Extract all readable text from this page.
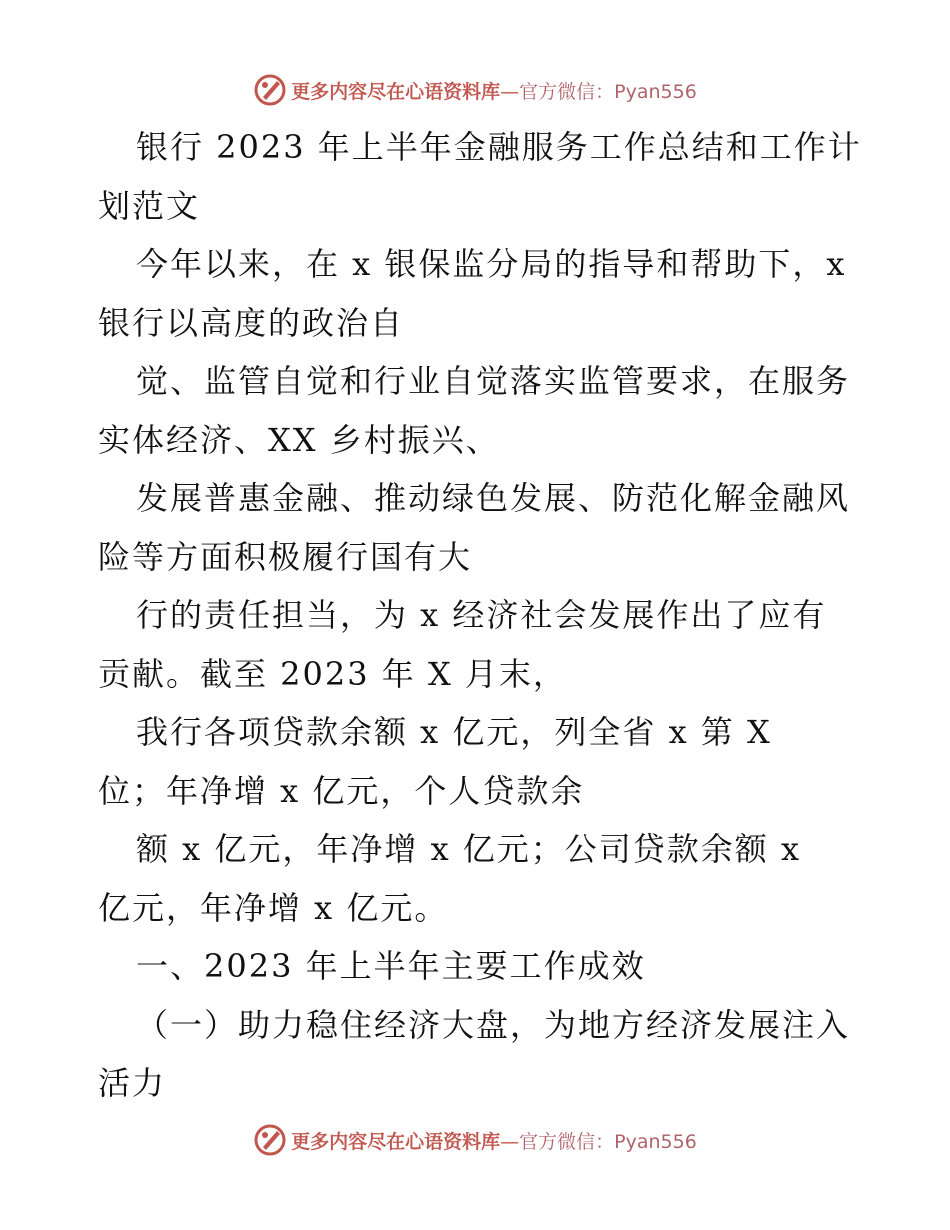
更多内容尽在心语资料库—官方微信：Pyan556

银行 2023 年上半年金融服务工作总结和工作计
划范文
今年以来，在 x 银保监分局的指导和帮助下，x
银行以高度的政治自
觉、监管自觉和行业自觉落实监管要求，在服务
实体经济、XX 乡村振兴、
发展普惠金融、推动绿色发展、防范化解金融风
险等方面积极履行国有大
行的责任担当，为 x 经济社会发展作出了应有
贡献。截至 2023 年 X 月末，
我行各项贷款余额 x 亿元，列全省 x 第 X
位；年净增 x 亿元，个人贷款余
额 x 亿元，年净增 x 亿元；公司贷款余额 x
亿元，年净增 x 亿元。
一、2023 年上半年主要工作成效
（一）助力稳住经济大盘，为地方经济发展注入
活力

更多内容尽在心语资料库—官方微信：Pyan556
